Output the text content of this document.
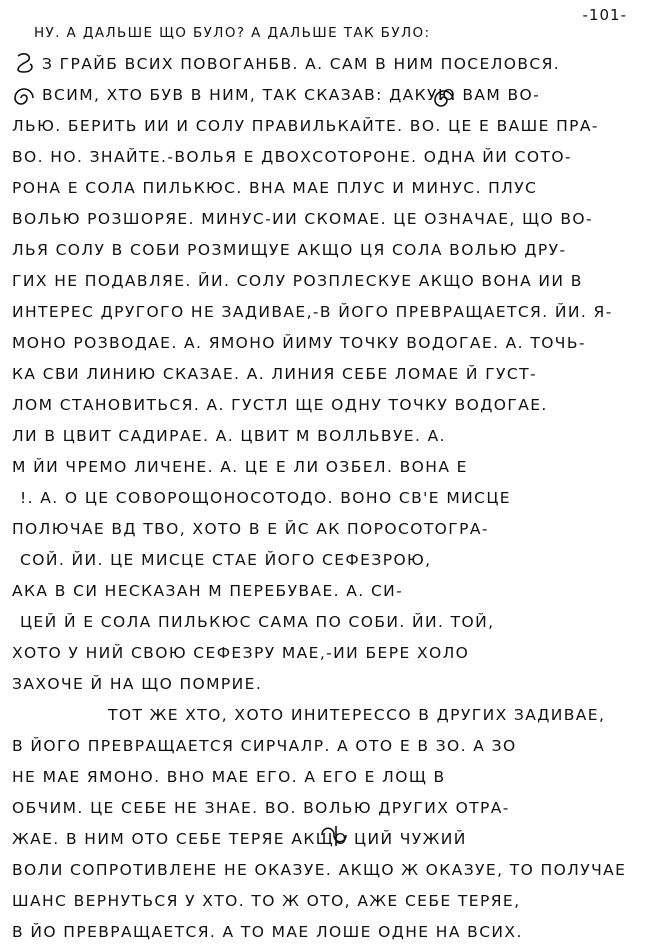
-101-
НУ. А ДАЛЬШЕ ЩО БУЛО? А ДАЛЬШЕ ТАК БУЛО:
З ГРАЙБ ВСИХ ПОВОГАНБВ. А. САМ В НИМ ПОСЕЛОВСЯ.
ВСИМ, ХТО БУВ В НИМ, ТАК СКАЗАВ: ДАКУЮ ВАМ ВО-
ЛЬЮ. БЕРИТЬ ИИ И СОЛУ ПРАВИЛЬКАЙТЕ. ВО. ЦЕ Е ВАШЕ ПРА-
ВО. НО. ЗНАЙТЕ.-ВОЛЬЯ Е ДВОХСОТОРОНЕ. ОДНА ЙИ СОТО-
РОНА Е СОЛА ПИЛЬКЮС. ВНА МАЕ ПЛУС И МИНУС. ПЛУС
ВОЛЬЮ РОЗШОРЯЕ. МИНУС-ИИ СКОМАЕ. ЦЕ ОЗНАЧАЕ, ЩО ВО-
ЛЬЯ СОЛУ В СОБИ РОЗМИЩУЕ АКЩО ЦЯ СОЛА ВОЛЬЮ ДРУ-
ГИХ НЕ ПОДАВЛЯЕ. ЙИ. СОЛУ РОЗПЛЕСКУЕ АКЩО ВОНА ИИ В
ИНТЕРЕС ДРУГОГО НЕ ЗАДИВАЕ,-В ЙОГО ПРЕВРАЩАЕТСЯ. ЙИ. Я-
МОНО РОЗВОДАЕ. А. ЯМОНО ЙИМУ ТОЧКУ ВОДОГАЕ. А. ТОЧЬ-
КА СВИ ЛИНИЮ СКАЗАЕ. А. ЛИНИЯ СЕБЕ ЛОМАЕ Й ГУСТ-
ЛОМ СТАНОВИТЬСЯ. А. ГУСТЛ ЩЕ ОДНУ ТОЧКУ ВОДОГАЕ.
ЛИ В ЦВИТ САДИРАЕ. А. ЦВИТ М ВОЛЛЬВУЕ. А.
М ЙИ ЧРЕМО ЛИЧЕНЕ. А. ЦЕ Е ЛИ ОЗБЕЛ. ВОНА Е
!. А. О ЦЕ СОВОРОЩОНОСОТОДО. ВОНО СВ'Е МИСЦЕ
ПОЛЮЧАЕ ВД ТВО, ХОТО В Е ЙС АК ПОРОСОТОГРА-
СОЙ. ЙИ. ЦЕ МИСЦЕ СТАЕ ЙОГО СЕФЕЗРОЮ,
АКА В СИ НЕСКАЗАН М ПЕРЕБУВАЕ. А. СИ-
ЦЕЙ Й Е СОЛА ПИЛЬКЮС САМА ПО СОБИ. ЙИ. ТОЙ,
ХОТО У НИЙ СВОЮ СЕФЕЗРУ МАЕ,-ИИ БЕРЕ ХОЛО
ЗАХОЧЕ Й НА ЩО ПОМРИЕ.
ТОТ ЖЕ ХТО, ХОТО ИНИТЕРЕССО В ДРУГИХ ЗАДИВАЕ,
В ЙОГО ПРЕВРАЩАЕТСЯ СИРЧАЛР. А ОТО Е В ЗО. А ЗО
НЕ МАЕ ЯМОНО. ВНО МАЕ ЕГО. А ЕГО Е ЛОЩ В
ОБЧИМ. ЦЕ СЕБЕ НЕ ЗНАЕ. ВО. ВОЛЬЮ ДРУГИХ ОТРА-
ЖАЕ. В НИМ ОТО СЕБЕ ТЕРЯЕ АКЩО ЦИЙ ЧУЖИЙ
ВОЛИ СОПРОТИВЛЕНЕ НЕ ОКАЗУЕ. АКЩО Ж ОКАЗУЕ, ТО ПОЛУЧАЕ
ШАНС ВЕРНУТЬСЯ У ХТО. ТО Ж ОТО, АЖЕ СЕБЕ ТЕРЯЕ,
В ЙО ПРЕВРАЩАЕТСЯ. А ТО МАЕ ЛОШЕ ОДНЕ НА ВСИХ.
